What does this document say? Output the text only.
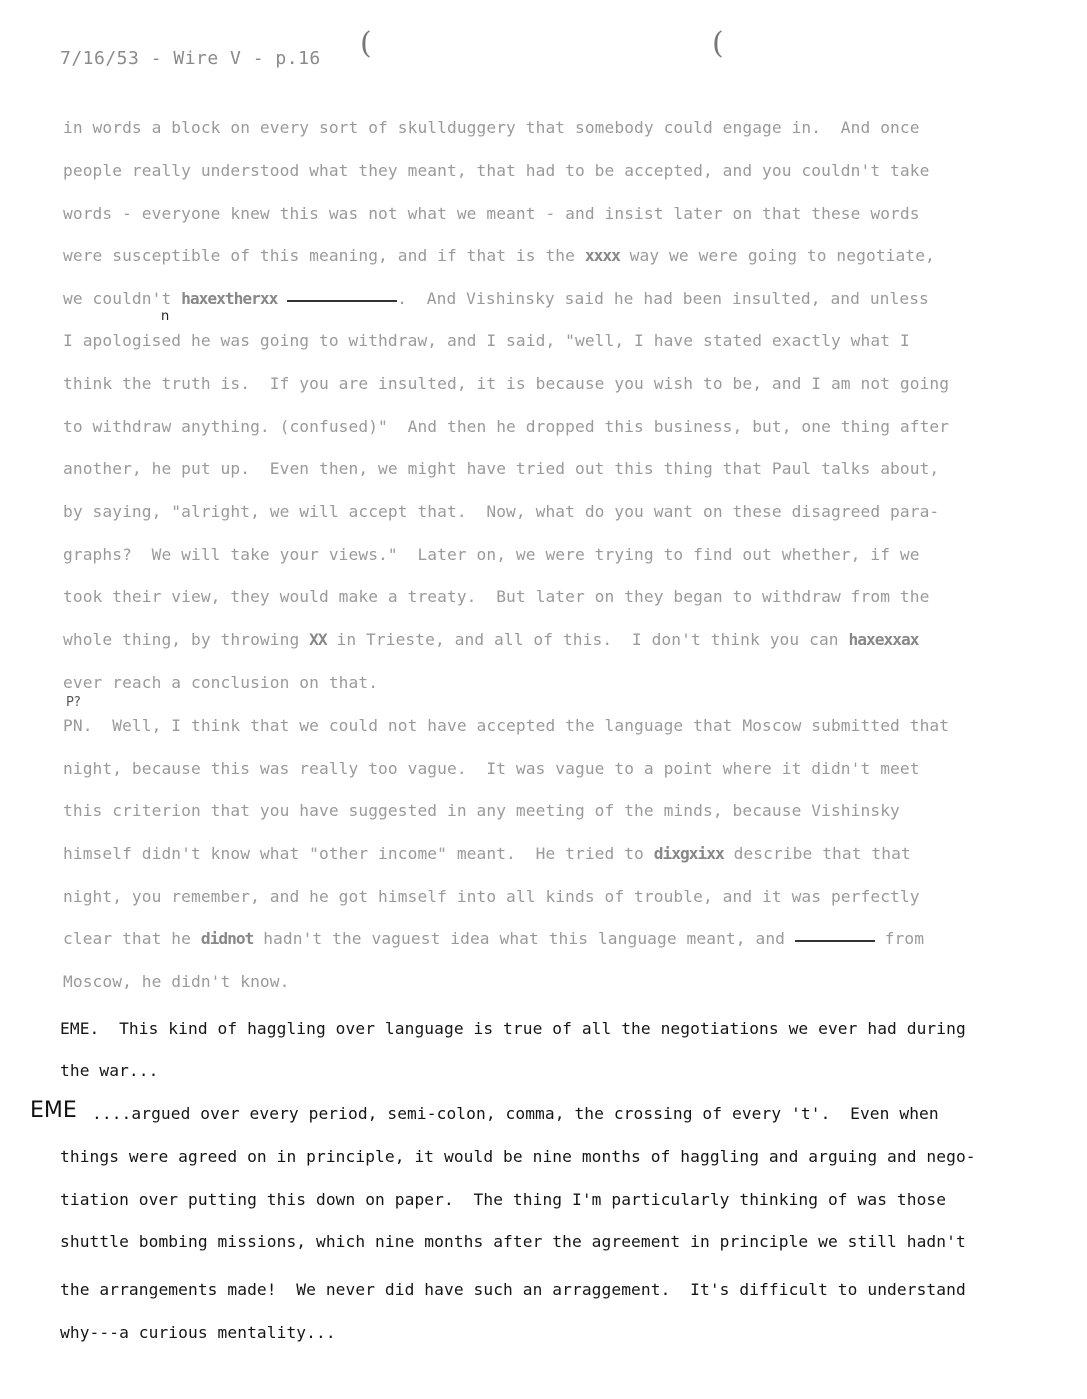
7/16/53 - Wire V - p.16 (	(
in words a block on every sort of skullduggery that somebody could engage in.  And once
people really understood what they meant, that had to be accepted, and you couldn't take
words - everyone knew this was not what we meant - and insist later on that these words
were susceptible of this meaning, and if that is the xxxx way we were going to negotiate,
we couldn't haxextherxx	.  And Vishinsky said he had been insulted, and unless
n
I apologised he was going to withdraw, and I said, "well, I have stated exactly what I
think the truth is.  If you are insulted, it is because you wish to be, and I am not going
to withdraw anything. (confused)"  And then he dropped this business, but, one thing after
another, he put up.  Even then, we might have tried out this thing that Paul talks about,
by saying, "alright, we will accept that.  Now, what do you want on these disagreed para-
graphs?  We will take your views."  Later on, we were trying to find out whether, if we
took their view, they would make a treaty.  But later on they began to withdraw from the
whole thing, by throwing XX in Trieste, and all of this.  I don't think you can haxexxax
ever reach a conclusion on that.
P?
PN.  Well, I think that we could not have accepted the language that Moscow submitted that
night, because this was really too vague.  It was vague to a point where it didn't meet
this criterion that you have suggested in any meeting of the minds, because Vishinsky
himself didn't know what "other income" meant.  He tried to dixgxixx describe that that
night, you remember, and he got himself into all kinds of trouble, and it was perfectly
clear that he didnot hadn't the vaguest idea what this language meant, and	from
Moscow, he didn't know.
EME.  This kind of haggling over language is true of all the negotiations we ever had during
the war...
EME ....argued over every period, semi-colon, comma, the crossing of every 't'.  Even when
things were agreed on in principle, it would be nine months of haggling and arguing and nego-
tiation over putting this down on paper.  The thing I'm particularly thinking of was those
shuttle bombing missions, which nine months after the agreement in principle we still hadn't
the arrangements made!  We never did have such an arraggement.  It's difficult to understand
why---a curious mentality...
